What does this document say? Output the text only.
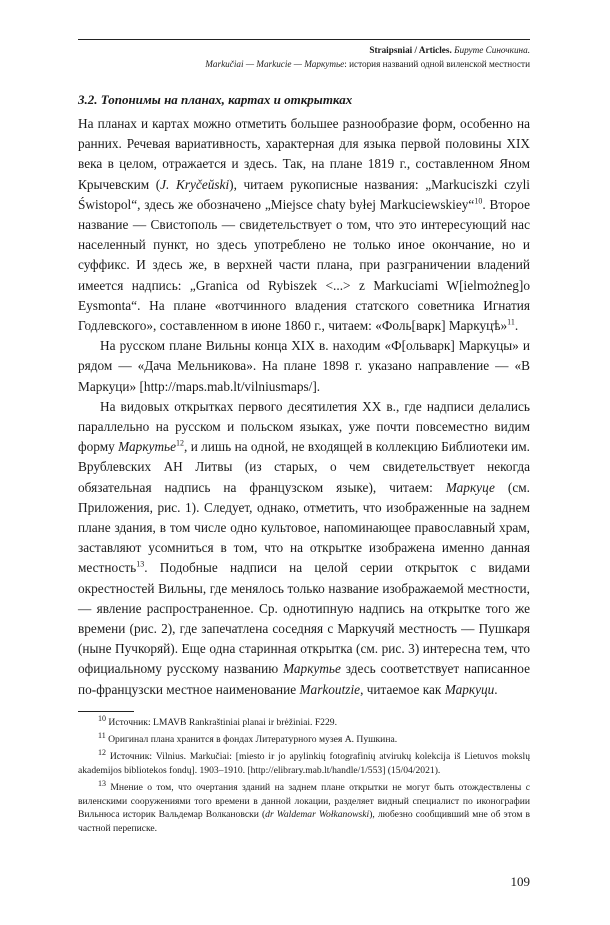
Straipsniai / Articles. Бируте Синочкина.
Markučiai — Markucie — Маркутье: история названий одной виленской местности
3.2. Топонимы на планах, картах и открытках

На планах и картах можно отметить большее разнообразие форм, особенно на ранних. Речевая вариативность, характерная для языка первой половины XIX века в целом, отражается и здесь. Так, на плане 1819 г., составленном Яном Крычевским (J. Kryčeŭski), читаем рукописные названия: „Markuciszki czyli Świstopol“, здесь же обозначено „Miejsce chaty byłej Markuciewskiey“$^{10}$. Второе название — Свистополь — свидетельствует о том, что это интересующий нас населенный пункт, но здесь употреблено не только иное окончание, но и суффикс. И здесь же, в верхней части плана, при разграничении владений имеется надпись: „Granica od Rybiszek <...> z Markuciami W[ielmożneg]o Eysmonta“. На плане «вотчинного владения статского советника Игнатия Годлевского», составленном в июне 1860 г., читаем: «Фоль[варк] Маркуцѣ»$^{11}$.

На русском плане Вильны конца XIX в. находим «Ф[ольварк] Маркуцы» и рядом — «Дача Мельникова». На плане 1898 г. указано направление — «В Маркуци» [http://maps.mab.lt/vilniusmaps/].

На видовых открытках первого десятилетия XX в., где надписи делались параллельно на русском и польском языках, уже почти повсеместно видим форму Маркутье$^{12}$, и лишь на одной, не входящей в коллекцию Библиотеки им. Врублевских АН Литвы (из старых, о чем свидетельствует некогда обязательная надпись на французском языке), читаем: Маркуце (см. Приложения, рис. 1). Следует, однако, отметить, что изображенные на заднем плане здания, в том числе одно культовое, напоминающее православный храм, заставляют усомниться в том, что на открытке изображена именно данная местность$^{13}$. Подобные надписи на целой серии открыток с видами окрестностей Вильны, где менялось только название изображаемой местности, — явление распространенное. Ср. однотипную надпись на открытке того же времени (рис. 2), где запечатлена соседняя с Маркучяй местность — Пушкаря (ныне Пучкоряй). Еще одна старинная открытка (см. рис. 3) интересна тем, что официальному русскому названию Маркутье здесь соответствует написанное по-французски местное наименование Markoutzie, читаемое как Маркуци.

$^{10}$ Источник: LMAVB Rankraštiniai planai ir brėžiniai. F229.

$^{11}$ Оригинал плана хранится в фондах Литературного музея А. Пушкина.

$^{12}$ Источник: Vilnius. Markučiai: [miesto ir jo apylinkių fotografinių atvirukų kolekcija iš Lietuvos mokslų akademijos bibliotekos fondų]. 1903–1910. [http://elibrary.mab.lt/handle/1/553] (15/04/2021).

$^{13}$ Мнение о том, что очертания зданий на заднем плане открытки не могут быть отождествлены с виленскими сооружениями того времени в данной локации, разделяет видный специалист по иконографии Вильнюса историк Вальдемар Волкановски (dr Waldemar Wołkanowski), любезно сообщивший мне об этом в частной переписке.

109
